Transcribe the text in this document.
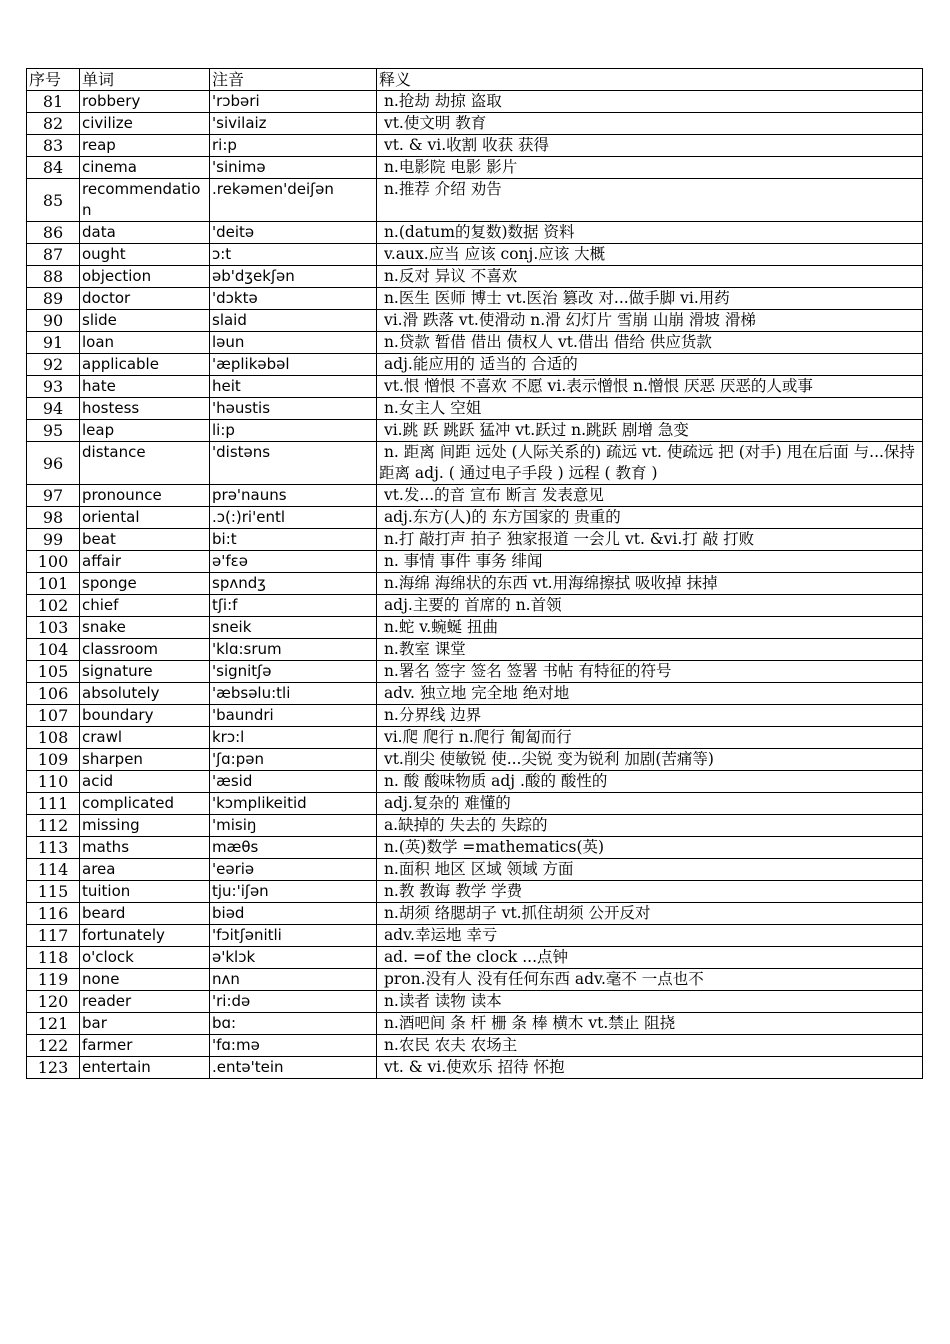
序号	单词	注音	释义
81	robbery	'rɔbəri	n.抢劫 劫掠 盗取
82	civilize	'sivilaiz	vt.使文明 教育
83	reap	ri:p	vt. & vi.收割 收获 获得
84	cinema	'sinimə	n.电影院 电影 影片
85	recommendation	.rekəmen'deiʃən	n.推荐 介绍 劝告
86	data	'deitə	n.(datum的复数)数据 资料
87	ought	ɔ:t	v.aux.应当 应该 conj.应该 大概
88	objection	əb'dʒekʃən	n.反对 异议 不喜欢
89	doctor	'dɔktə	n.医生 医师 博士 vt.医治 篡改 对...做手脚 vi.用药
90	slide	slaid	vi.滑 跌落 vt.使滑动 n.滑 幻灯片 雪崩 山崩 滑坡 滑梯
91	loan	ləun	n.贷款 暂借 借出 债权人 vt.借出 借给 供应货款
92	applicable	'æplikəbəl	adj.能应用的 适当的 合适的
93	hate	heit	vt.恨 憎恨 不喜欢 不愿 vi.表示憎恨 n.憎恨 厌恶 厌恶的人或事
94	hostess	'həustis	n.女主人 空姐
95	leap	li:p	vi.跳 跃 跳跃 猛冲 vt.跃过 n.跳跃 剧增 急变
96	distance	'distəns	n. 距离 间距 远处 (人际关系的) 疏远 vt. 使疏远 把 (对手) 甩在后面 与...保持距离 adj. ( 通过电子手段 ) 远程 ( 教育 )
97	pronounce	prə'nauns	vt.发...的音 宣布 断言 发表意见
98	oriental	.ɔ(:)ri'entl	adj.东方(人)的 东方国家的 贵重的
99	beat	bi:t	n.打 敲打声 拍子 独家报道 一会儿 vt. &vi.打 敲 打败
100	affair	ə'fɛə	n. 事情 事件 事务 绯闻
101	sponge	spʌndʒ	n.海绵 海绵状的东西 vt.用海绵擦拭 吸收掉 抹掉
102	chief	tʃi:f	adj.主要的 首席的 n.首领
103	snake	sneik	n.蛇 v.蜿蜒 扭曲
104	classroom	'klɑ:srum	n.教室 课堂
105	signature	'signitʃə	n.署名 签字 签名 签署 书帖 有特征的符号
106	absolutely	'æbsəlu:tli	adv. 独立地 完全地 绝对地
107	boundary	'baundri	n.分界线 边界
108	crawl	krɔ:l	vi.爬 爬行 n.爬行 匍匐而行
109	sharpen	'ʃɑ:pən	vt.削尖 使敏锐 使...尖锐 变为锐利 加剧(苦痛等)
110	acid	'æsid	n. 酸 酸味物质 adj .酸的 酸性的
111	complicated	'kɔmplikeitid	adj.复杂的 难懂的
112	missing	'misiŋ	a.缺掉的 失去的 失踪的
113	maths	mæθs	n.(英)数学 =mathematics(英)
114	area	'eəriə	n.面积 地区 区域 领域 方面
115	tuition	tju:'iʃən	n.教 教诲 教学 学费
116	beard	biəd	n.胡须 络腮胡子 vt.抓住胡须 公开反对
117	fortunately	'fɔitʃənitli	adv.幸运地 幸亏
118	o'clock	ə'klɔk	ad. =of the clock ...点钟
119	none	nʌn	pron.没有人 没有任何东西 adv.毫不 一点也不
120	reader	'ri:də	n.读者 读物 读本
121	bar	bɑ:	n.酒吧间 条 杆 栅 条 棒 横木 vt.禁止 阻挠
122	farmer	'fɑ:mə	n.农民 农夫 农场主
123	entertain	.entə'tein	vt. & vi.使欢乐 招待 怀抱
